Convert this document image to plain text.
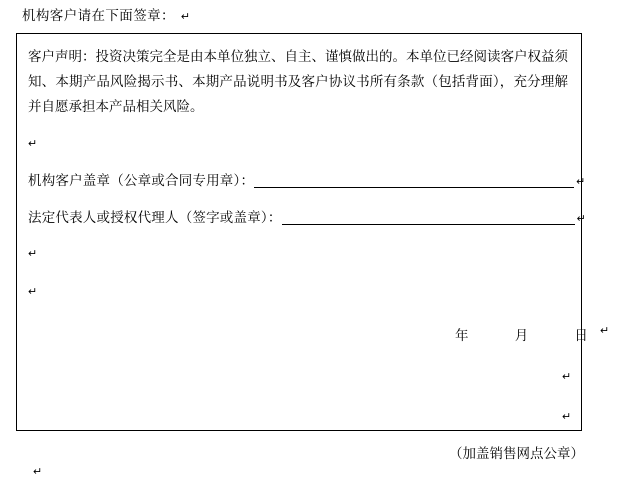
机构客户请在下面签章： ↵
客户声明：投资决策完全是由本单位独立、自主、谨慎做出的。本单位已经阅读客户权益须知、本期产品风险揭示书、本期产品说明书及客户协议书所有条款（包括背面），充分理解并自愿承担本产品相关风险。
↵
机构客户盖章（公章或合同专用章）：	↵
法定代表人或授权代理人（签字或盖章）：	↵
↵
↵
年	月	日
↵
↵
↵
（加盖销售网点公章）
↵
